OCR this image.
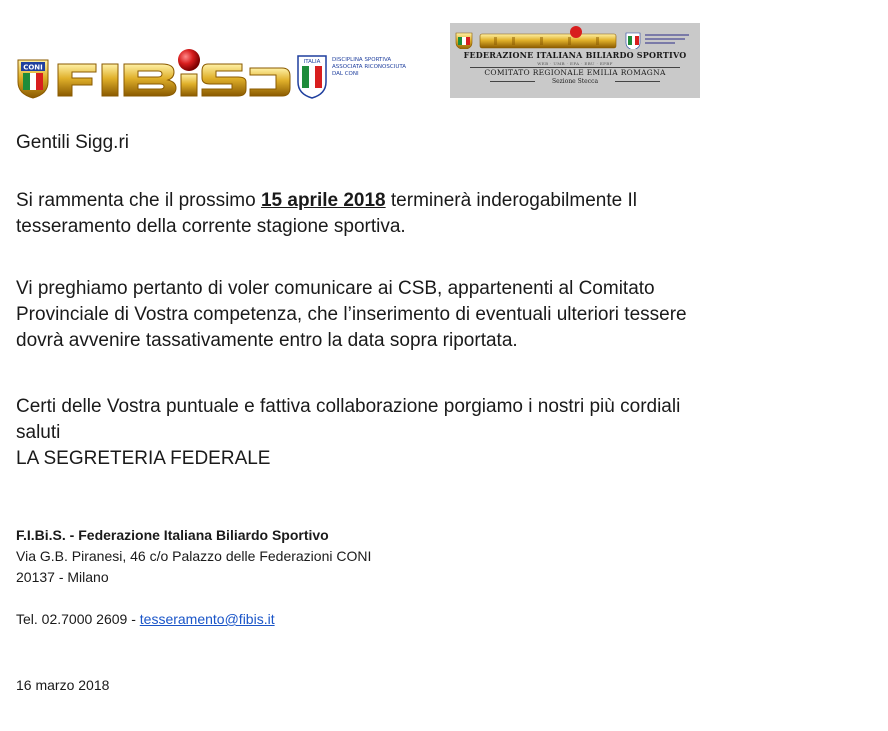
CONI
ITALIA DISCIPLINA SPORTIVA
ASSOCIATA RICONOSCIUTA
DAL CONI
FEDERAZIONE ITALIANA BILIARDO SPORTIVO
WEB · UMB · EPA · EBU · EPBF
COMITATO REGIONALE EMILIA ROMAGNA
Sezione Stecca
Gentili Sigg.ri
Si rammenta che il prossimo 15 aprile 2018 terminerà inderogabilmente Il
tesseramento della corrente stagione sportiva.
Vi preghiamo pertanto di voler comunicare ai CSB, appartenenti al Comitato
Provinciale di Vostra competenza, che l’inserimento di eventuali ulteriori tessere
dovrà avvenire tassativamente entro la data sopra riportata.
Certi delle Vostra puntuale e fattiva collaborazione porgiamo i nostri più cordiali
saluti
LA SEGRETERIA FEDERALE
F.I.Bi.S. - Federazione Italiana Biliardo Sportivo
Via G.B. Piranesi, 46 c/o Palazzo delle Federazioni CONI
20137 - Milano
Tel. 02.7000 2609 - tesseramento@fibis.it
16 marzo 2018
